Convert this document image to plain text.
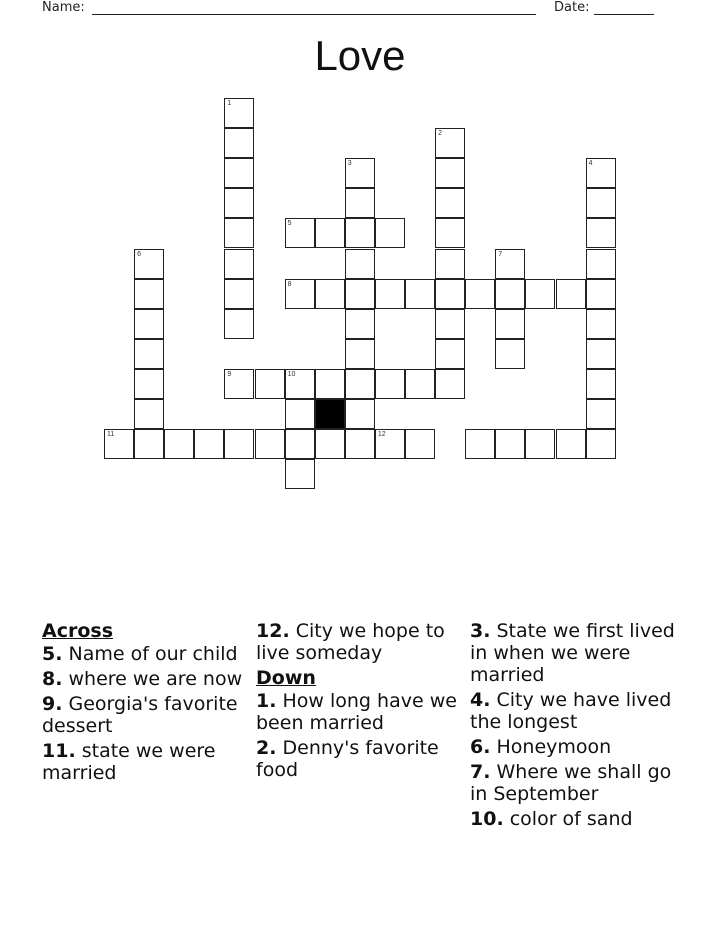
Name:	Date:
Love
1
2
3	4
5
6	7
8
9	10
11	12
Across
5. Name of our child
8. where we are now
9. Georgia's favorite dessert
11. state we were married
12. City we hope to live someday
Down
1. How long have we been married
2. Denny's favorite food
3. State we first lived in when we were married
4. City we have lived the longest
6. Honeymoon
7. Where we shall go in September
10. color of sand
